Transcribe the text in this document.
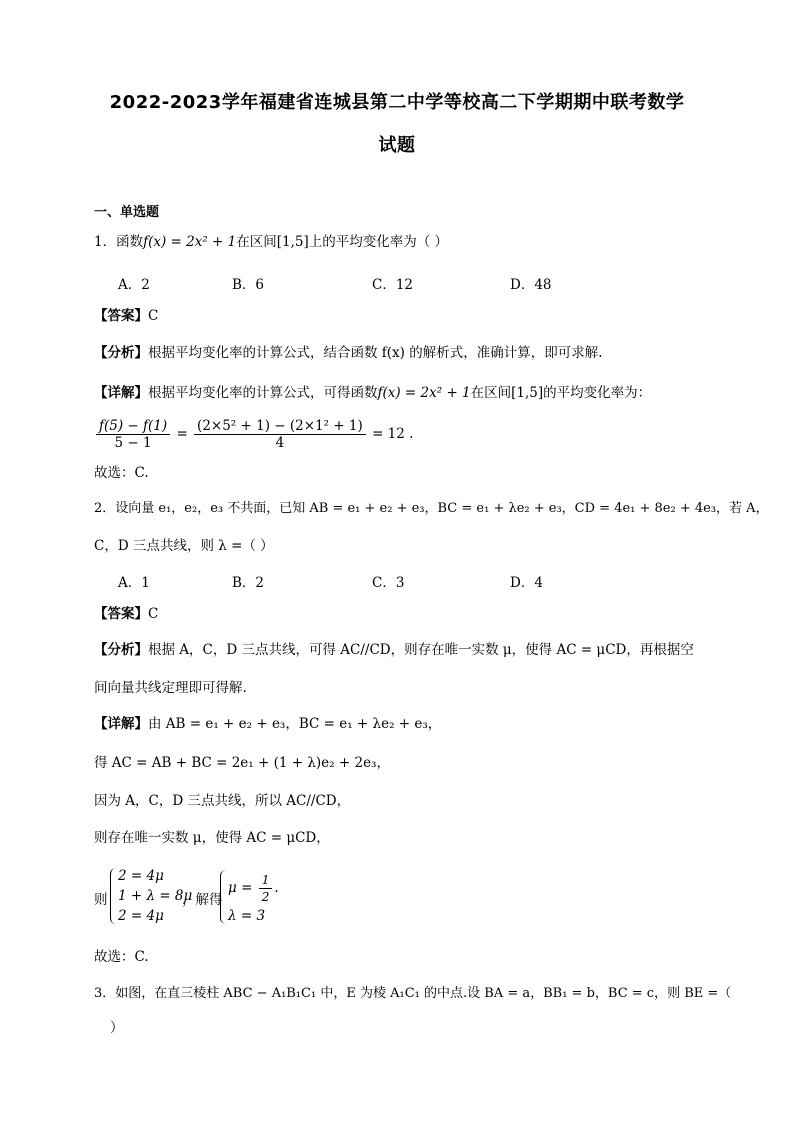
2022-2023学年福建省连城县第二中学等校高二下学期期中联考数学
试题
一、单选题
1．函数f(x) = 2x² + 1在区间[1,5]上的平均变化率为（ ）
A．2	B．6	C．12	D．48
【答案】C
【分析】根据平均变化率的计算公式，结合函数 f(x) 的解析式，准确计算，即可求解.
【详解】根据平均变化率的计算公式，可得函数f(x) = 2x² + 1在区间[1,5]的平均变化率为：
$\frac{f(5) - f(1)}{5 - 1} = \frac{\text{(2×5² + 1) − (2×1² + 1)}}{4} = 12$ .
故选：C.
2．设向量 e₁，e₂，e₃ 不共面，已知 AB = e₁ + e₂ + e₃，BC = e₁ + λe₂ + e₃，CD = 4e₁ + 8e₂ + 4e₃，若 A，
C，D 三点共线，则 λ =（ ）
A．1	B．2	C．3	D．4
【答案】C
【分析】根据 A，C，D 三点共线，可得 AC//CD，则存在唯一实数 μ，使得 AC = μCD，再根据空
间向量共线定理即可得解.
【详解】由 AB = e₁ + e₂ + e₃，BC = e₁ + λe₂ + e₃，
得 AC = AB + BC = 2e₁ + (1 + λ)e₂ + 2e₃，
因为 A，C，D 三点共线，所以 AC//CD，
则存在唯一实数 μ，使得 AC = μCD，
则
2 = 4μ
1 + λ = 8μ
2 = 4μ
，解得
$\mu = \frac{1}{2}$ .
λ = 3
故选：C.
3．如图，在直三棱柱 ABC − A₁B₁C₁ 中，E 为棱 A₁C₁ 的中点.设 BA = a，BB₁ = b，BC = c，则 BE =（
）
